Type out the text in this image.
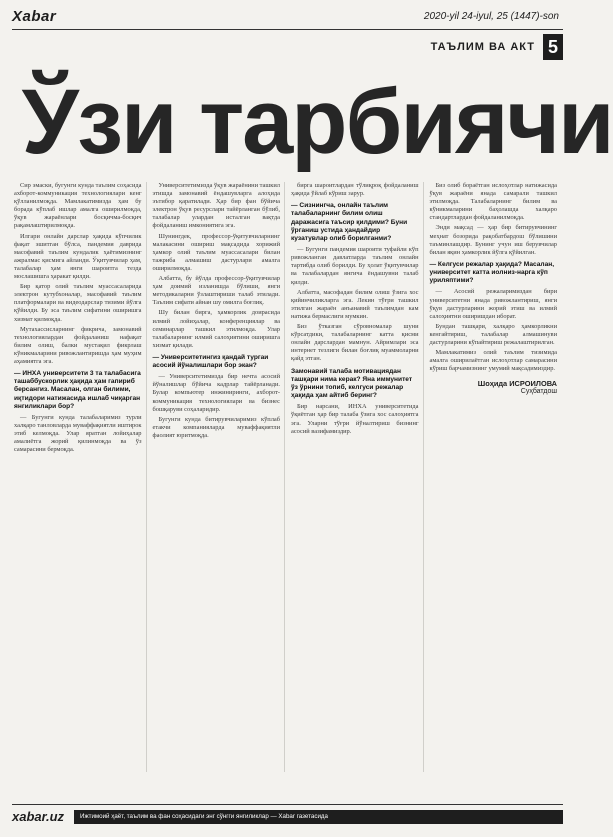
Xabar	2020-yil 24-iyul, 25 (1447)-son
ТАЪЛИМ ВА АКТ 5
Ўзи тарбиячи

Сир эмаски, бугунги кунда таълим соҳасида ахборот-коммуникация технологиялари кенг қўлланилмоқда. Мамлакатимизда ҳам бу борада кўплаб ишлар амалга оширилмоқда, ўқув жараёнлари босқичма-босқич рақамлаштирилмоқда.

Илгари онлайн дарслар ҳақида кўпчилик фақат эшитган бўлса, пандемия даврида масофавий таълим кундалик ҳаётимизнинг ажралмас қисмига айланди. Ўқитувчилар ҳам, талабалар ҳам янги шароитга тезда мослашишга ҳаракат қилди.

Бир қатор олий таълим муассасаларида электрон кутубхоналар, масофавий таълим платформалари ва видеодарслар тизими йўлга қўйилди. Бу эса таълим сифатини оширишга хизмат қилмоқда.

Мутахассисларнинг фикрича, замонавий технологиялардан фойдаланиш нафақат билим олиш, балки мустақил фикрлаш кўникмаларини ривожлантиришда ҳам муҳим аҳамиятга эга.

— ИНХА университети 3 та талабасига ташаббускорлик ҳақида ҳам гапириб берсангиз. Масалан, олган билими, иқтидори натижасида ишлаб чиқарган янгиликлари бор?

— Бугунги кунда талабаларимиз турли халқаро танловларда муваффақиятли иштирок этиб келмоқда. Улар яратган лойиҳалар амалиётга жорий қилинмоқда ва ўз самарасини бермоқда.

Университетимизда ўқув жараёнини ташкил этишда замонавий ёндашувларга алоҳида эътибор қаратилади. Ҳар бир фан бўйича электрон ўқув ресурслари тайёрланган бўлиб, талабалар улардан исталган вақтда фойдаланиш имкониятига эга.

Шунингдек, профессор-ўқитувчиларнинг малакасини ошириш мақсадида хорижий ҳамкор олий таълим муассасалари билан тажриба алмашиш дастурлари амалга оширилмоқда.

Албатта, бу йўлда профессор-ўқитувчилар ҳам доимий изланишда бўлиши, янги методикаларни ўзлаштириши талаб этилади. Таълим сифати айнан шу омилга боғлиқ.

Шу билан бирга, ҳамкорлик доирасида илмий лойиҳалар, конференциялар ва семинарлар ташкил этилмоқда. Улар талабаларнинг илмий салоҳиятини оширишга хизмат қилади.

— Университетингиз қандай тургаи асосий йўналишлари бор экан?

— Университетимизда бир нечта асосий йўналишлар бўйича кадрлар тайёрланади. Булар компьютер инжиниринги, ахборот-коммуникация технологиялари ва бизнес бошқаруви соҳаларидир.

Бугунги кунда битирувчиларимиз кўплаб етакчи компанияларда муваффақиятли фаолият юритмоқда.

бирга шароитлардан тўлиқроқ фойдаланиш ҳақида ўйлаб кўриш зарур.

— Сизнингча, онлайн таълим талабаларнинг билим олиш даражасига таъсир қилдими? Буни ўрганиш устида ҳандайдир кузатувлар олиб борилганми?

— Бугунги пандемия шароити туфайли кўп ривожланган давлатларда таълим онлайн тартибда олиб борилди. Бу ҳолат ўқитувчилар ва талабалардан янгича ёндашувни талаб қилди.

Албатта, масофадан билим олиш ўзига хос қийинчиликларга эга. Лекин тўғри ташкил этилган жараён анъанавий таълимдан кам натижа бермаслиги мумкин.

Биз ўтказган сўровномалар шуни кўрсатдики, талабаларнинг катта қисми онлайн дарслардан мамнун. Айримлари эса интернет тезлиги билан боғлиқ муаммоларни қайд этган.

Замонавий талаба мотивациядан ташқари нима керак? Яна иммунитет ўз ўрнини топиб, келгуси режалар ҳақида ҳам айтиб беринг?

Бир нарсани, ИНХА университетида ўқиётган ҳар бир талаба ўзига хос салоҳиятга эга. Уларни тўғри йўналтириш бизнинг асосий вазифамиздир.

Биз олиб бораётган ислоҳотлар натижасида ўқув жараёни янада самарали ташкил этилмоқда. Талабаларнинг билим ва кўникмаларини баҳолашда халқаро стандартлардан фойдаланилмоқда.

Энди мақсад — ҳар бир битирувчининг меҳнат бозорида рақобатбардош бўлишини таъминлашдир. Бунинг учун иш берувчилар билан яқин ҳамкорлик йўлга қўйилган.

— Келгуси режалар ҳақида? Масалан, университет катта иолниз-нарга кўп уриляптими?

— Асосий режаларимиздан бири университетни янада ривожлантириш, янги ўқув дастурларини жорий этиш ва илмий салоҳиятни оширишдан иборат.

Бундан ташқари, халқаро ҳамкорликни кенгайтириш, талабалар алмашинуви дастурларини кўпайтириш режалаштирилган.

Мамлакатимиз олий таълим тизимида амалга оширилаётган ислоҳотлар самарасини кўриш барчамизнинг умумий мақсадимиздир.

Шоҳида ИСРОИЛОВА
Суҳбатдош
xabar.uz	Ижтимоий ҳаёт, таълим ва фан соҳасидаги энг сўнгги янгиликлар — Xabar газетасида
